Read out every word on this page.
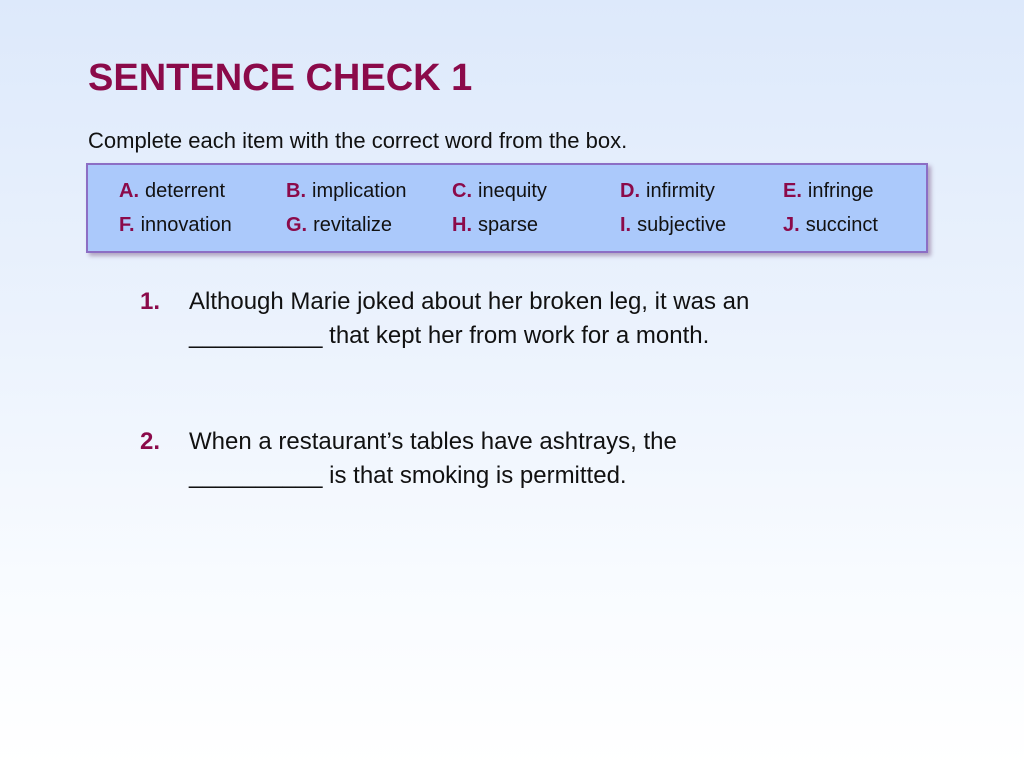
SENTENCE CHECK 1

Complete each item with the correct word from the box.

A. deterrent	B. implication C. inequity	D. infirmity	E. infringe
F. innovation	G. revitalize	H. sparse	I. subjective	J. succinct
1. Although Marie joked about her broken leg, it was an
__________ that kept her from work for a month.
2. When a restaurant’s tables have ashtrays, the
__________ is that smoking is permitted.
